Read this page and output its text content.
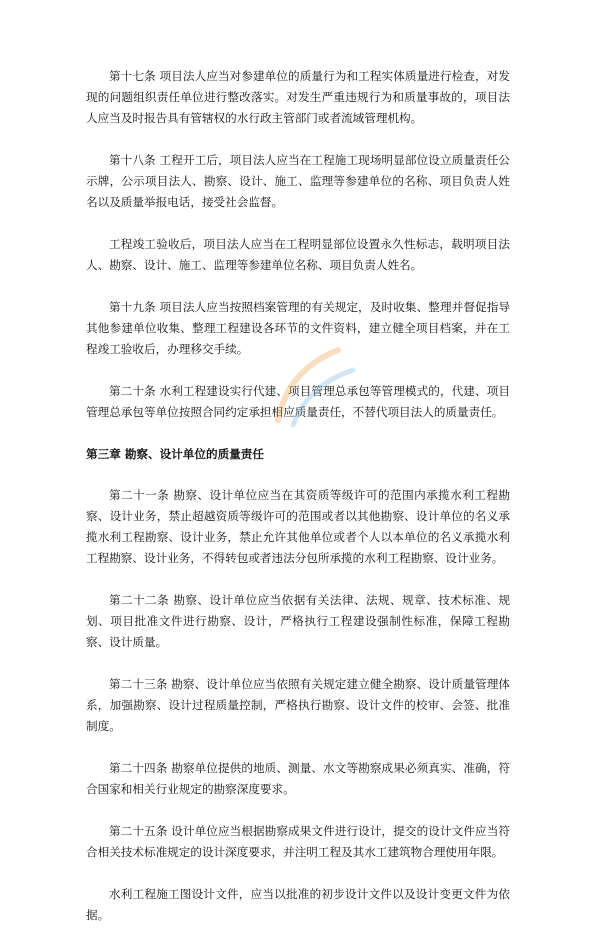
第十七条 项目法人应当对参建单位的质量行为和工程实体质量进行检查，对发现的问题组织责任单位进行整改落实。对发生严重违规行为和质量事故的，项目法人应当及时报告具有管辖权的水行政主管部门或者流域管理机构。

第十八条 工程开工后，项目法人应当在工程施工现场明显部位设立质量责任公示牌，公示项目法人、勘察、设计、施工、监理等参建单位的名称、项目负责人姓名以及质量举报电话，接受社会监督。

工程竣工验收后，项目法人应当在工程明显部位设置永久性标志，载明项目法人、勘察、设计、施工、监理等参建单位名称、项目负责人姓名。

第十九条 项目法人应当按照档案管理的有关规定，及时收集、整理并督促指导其他参建单位收集、整理工程建设各环节的文件资料，建立健全项目档案，并在工程竣工验收后，办理移交手续。

第二十条 水利工程建设实行代建、项目管理总承包等管理模式的，代建、项目管理总承包等单位按照合同约定承担相应质量责任，不替代项目法人的质量责任。

第三章 勘察、设计单位的质量责任

第二十一条 勘察、设计单位应当在其资质等级许可的范围内承揽水利工程勘察、设计业务，禁止超越资质等级许可的范围或者以其他勘察、设计单位的名义承揽水利工程勘察、设计业务，禁止允许其他单位或者个人以本单位的名义承揽水利工程勘察、设计业务，不得转包或者违法分包所承揽的水利工程勘察、设计业务。

第二十二条 勘察、设计单位应当依据有关法律、法规、规章、技术标准、规划、项目批准文件进行勘察、设计，严格执行工程建设强制性标准，保障工程勘察、设计质量。

第二十三条 勘察、设计单位应当依照有关规定建立健全勘察、设计质量管理体系，加强勘察、设计过程质量控制，严格执行勘察、设计文件的校审、会签、批准制度。

第二十四条 勘察单位提供的地质、测量、水文等勘察成果必须真实、准确，符合国家和相关行业规定的勘察深度要求。

第二十五条 设计单位应当根据勘察成果文件进行设计，提交的设计文件应当符合相关技术标准规定的设计深度要求，并注明工程及其水工建筑物合理使用年限。

水利工程施工图设计文件，应当以批准的初步设计文件以及设计变更文件为依据。
